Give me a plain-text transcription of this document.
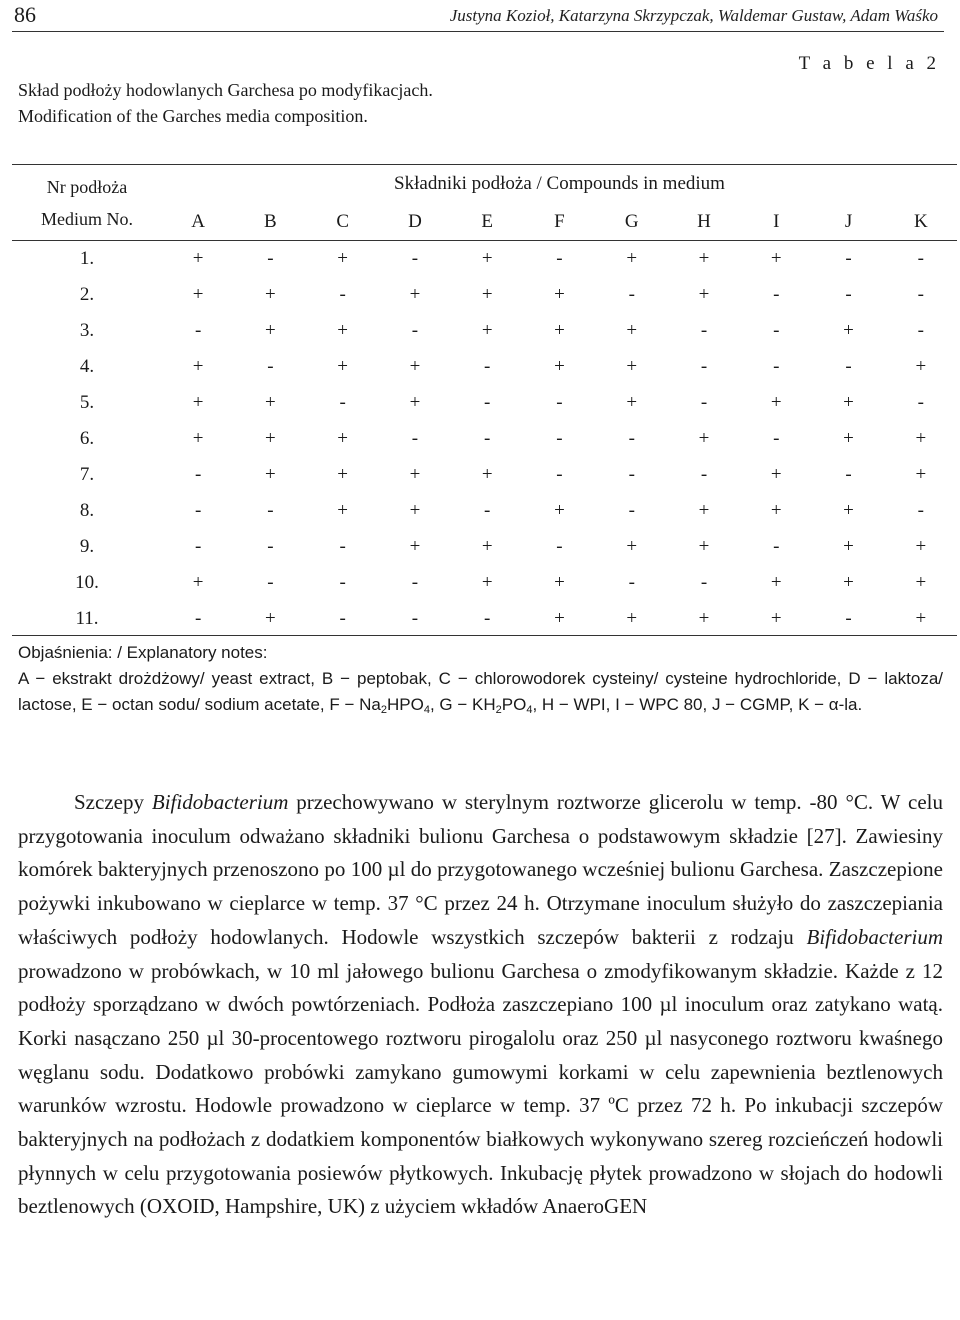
86	Justyna Kozioł, Katarzyna Skrzypczak, Waldemar Gustaw, Adam Waśko
T a b e l a 2
Skład podłoży hodowlanych Garchesa po modyfikacjach.
Modification of the Garches media composition.
Nr podłoża
Medium No.	Składniki podłoża / Compounds in medium										
	A	B	C	D	E	F	G	H	I	J	K
1.	+	-	+	-	+	-	+	+	+	-	-
2.	+	+	-	+	+	+	-	+	-	-	-
3.	-	+	+	-	+	+	+	-	-	+	-
4.	+	-	+	+	-	+	+	-	-	-	+
5.	+	+	-	+	-	-	+	-	+	+	-
6.	+	+	+	-	-	-	-	+	-	+	+
7.	-	+	+	+	+	-	-	-	+	-	+
8.	-	-	+	+	-	+	-	+	+	+	-
9.	-	-	-	+	+	-	+	+	-	+	+
10.	+	-	-	-	+	+	-	-	+	+	+
11.	-	+	-	-	-	+	+	+	+	-	+
Objaśnienia: / Explanatory notes:
A − ekstrakt drożdżowy/ yeast extract, B − peptobak, C − chlorowodorek cysteiny/ cysteine hydrochloride, D − laktoza/ lactose, E − octan sodu/ sodium acetate, $F - Na_2HPO_4$, $G - KH_2PO_4$, H − WPI, I − WPC 80, J − CGMP, K − α-la.

Szczepy Bifidobacterium przechowywano w sterylnym roztworze glicerolu w temp. -80 °C. W celu przygotowania inoculum odważano składniki bulionu Garchesa o podstawowym składzie [27]. Zawiesiny komórek bakteryjnych przenoszono po 100 µl do przygotowanego wcześniej bulionu Garchesa. Zaszczepione pożywki inkubowano w cieplarce w temp. 37 °C przez 24 h. Otrzymane inoculum służyło do zaszczepiania właściwych podłoży hodowlanych. Hodowle wszystkich szczepów bakterii z rodzaju Bifidobacterium prowadzono w probówkach, w 10 ml jałowego bulionu Garchesa o zmodyfikowanym składzie. Każde z 12 podłoży sporządzano w dwóch powtórzeniach. Podłoża zaszczepiano 100 µl inoculum oraz zatykano watą. Korki nasączano 250 µl 30-procentowego roztworu pirogalolu oraz 250 µl nasyconego roztworu kwaśnego węglanu sodu. Dodatkowo probówki zamykano gumowymi korkami w celu zapewnienia beztlenowych warunków wzrostu. Hodowle prowadzono w cieplarce w temp. 37 ºC przez 72 h. Po inkubacji szczepów bakteryjnych na podłożach z dodatkiem komponentów białkowych wykonywano szereg rozcieńczeń hodowli płynnych w celu przygotowania posiewów płytkowych. Inkubację płytek prowadzono w słojach do hodowli beztlenowych (OXOID, Hampshire, UK) z użyciem wkładów AnaeroGEN
